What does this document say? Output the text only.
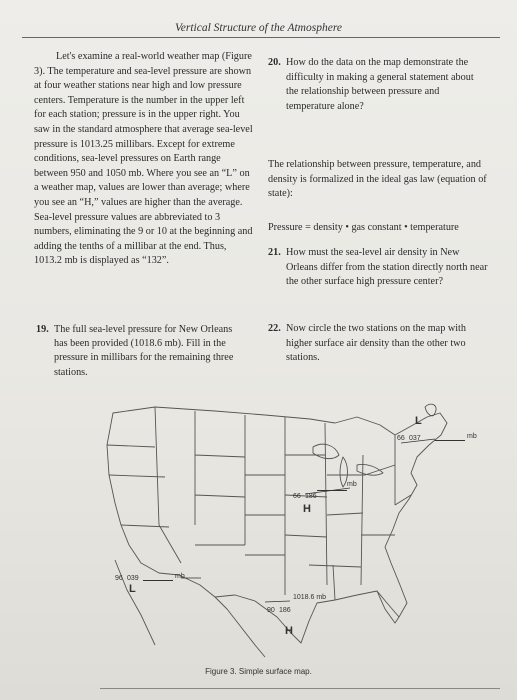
Vertical Structure of the Atmosphere

Let's examine a real-world weather map (Figure 3). The temperature and sea-level pressure are shown at four weather stations near high and low pressure centers. Temperature is the number in the upper left for each station; pressure is in the upper right. You saw in the standard atmosphere that average sea-level pressure is 1013.25 millibars. Except for extreme conditions, sea-level pressures on Earth range between 950 and 1050 mb. Where you see an “L” on a weather map, values are lower than average; where you see an “H,” values are higher than the average. Sea-level pressure values are abbreviated to 3 numbers, eliminating the 9 or 10 at the beginning and adding the tenths of a millibar at the end. Thus, 1013.2 mb is displayed as “132”.

19. The full sea-level pressure for New Orleans has been provided (1018.6 mb). Fill in the pressure in millibars for the remaining three stations.
20. How do the data on the map demonstrate the difficulty in making a general statement about the relationship between pressure and temperature alone?
The relationship between pressure, temperature, and density is formalized in the ideal gas law (equation of state):
Pressure = density • gas constant • temperature
21. How must the sea-level air density in New Orleans differ from the station directly north near the other surface high pressure center?
22. Now circle the two stations on the map with higher surface air density than the other two stations.
66 037
L
mb
66 186
H
mb
96 039
L
mb
90 186
1018.6 mb
H
Figure 3. Simple surface map.
